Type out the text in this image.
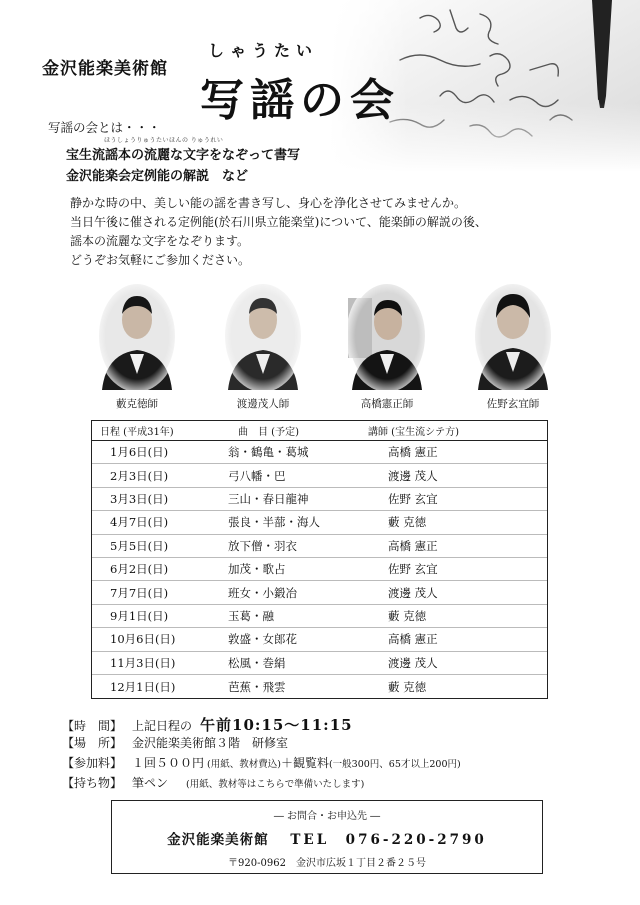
金沢能楽美術館
しゃうたい
写謡の会
写謡の会とは・・・
ほうしょうりゅうたいほんの りゅうれい
宝生流謡本の流麗な文字をなぞって書写
金沢能楽会定例能の解説　など

静かな時の中、美しい能の謡を書き写し、身心を浄化させてみませんか。

当日午後に催される定例能(於石川県立能楽堂)について、能楽師の解説の後、

謡本の流麗な文字をなぞります。

どうぞお気軽にご参加ください。

藪克徳師	渡邊茂人師	高橋憲正師	佐野玄宜師
日程 (平成31年)	曲　目 (予定)	講師 (宝生流シテ方)
1月6日(日)	翁・鶴亀・葛城	高橋 憲正
2月3日(日)	弓八幡・巴	渡邊 茂人
3月3日(日)	三山・春日龍神	佐野 玄宜
4月7日(日)	張良・半蔀・海人	藪 克徳
5月5日(日)	放下僧・羽衣	高橋 憲正
6月2日(日)	加茂・歌占	佐野 玄宜
7月7日(日)	班女・小鍛冶	渡邊 茂人
9月1日(日)	玉葛・融	藪 克徳
10月6日(日)	敦盛・女郎花	高橋 憲正
11月3日(日)	松風・巻絹	渡邊 茂人
12月1日(日)	芭蕉・飛雲	藪 克徳
【時　間】 上記日程の 午前10:15〜11:15
【場　所】 金沢能楽美術館３階　研修室
【参加料】 １回５００円 (用紙、教材費込) ＋観覧料 (一般300円、65才以上200円)
【持ち物】 筆ペン (用紙、教材等はこちらで準備いたします)
― お問合・お申込先 ―
金沢能楽美術館 TEL　076-220-2790
〒920-0962　金沢市広坂１丁目２番２５号
